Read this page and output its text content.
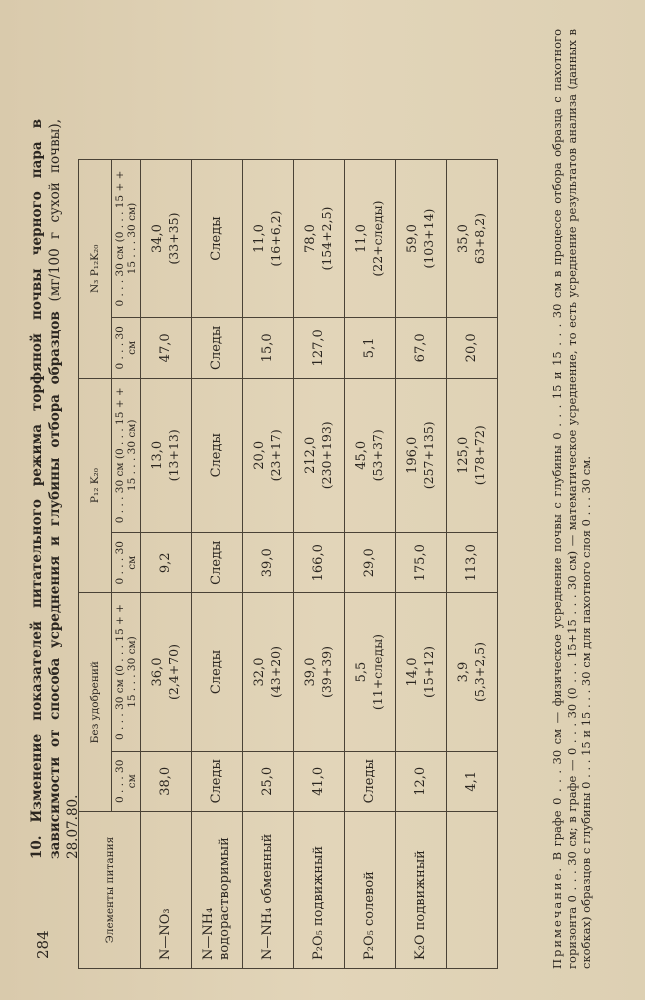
284
10. Изменение показателей питательного режима торфяной почвы черного пара в зависимости от способа усреднения и глубины отбора образцов (мг/100 г сухой почвы), 28.07.80.
Элементы питания	Без удобрений		P₁₂ K₂₀		N₃ P₁₂K₂₀	
	0 . . . 30 см	0 . . . 30 см (0 . . . 15 + + 15 . . . 30 см)	0 . . . 30 см	0 . . . 30 см (0 . . . 15 + + 15 . . . 30 см)	0 . . . 30 см	0 . . . 30 см (0 . . . 15 + + 15 . . . 30 см)
N—NO₃	38,0	36,0 (2,4+70)	9,2	13,0 (13+13)	47,0	34,0 (33+35)

N—NH₄ водорастворимый	Следы	Следы	Следы	Следы	Следы	Следы

N—NH₄ обменный	25,0	32,0 (43+20)	39,0	20,0 (23+17)	15,0	11,0 (16+6,2)

P₂O₅ подвижный	41,0	39,0 (39+39)	166,0	212,0 (230+193)	127,0	78,0 (154+2,5)

P₂O₅ солевой	Следы	5,5 (11+следы)	29,0	45,0 (53+37)	5,1	11,0 (22+следы)

K₂O подвижный	12,0	14,0 (15+12)	175,0	196,0 (257+135)	67,0	59,0 (103+14)

	4,1	3,9 (5,3+2,5)	113,0	125,0 (178+72)	20,0	35,0 63+8,2)
Примечание. В графе 0 . . . 30 см — физическое усреднение почвы с глубины 0 . . . 15 и 15 . . . 30 см в процессе отбора образца с пахотного горизонта 0 . . . 30 см; в графе — 0 . . . 30 (0 . . . 15+15 . . . 30 см) — математическое усреднение, то есть усреднение результатов анализа (данных в скобках) образцов с глубины 0 . . . 15 и 15 . . . 30 см для пахотного слоя 0 . . . 30 см.
